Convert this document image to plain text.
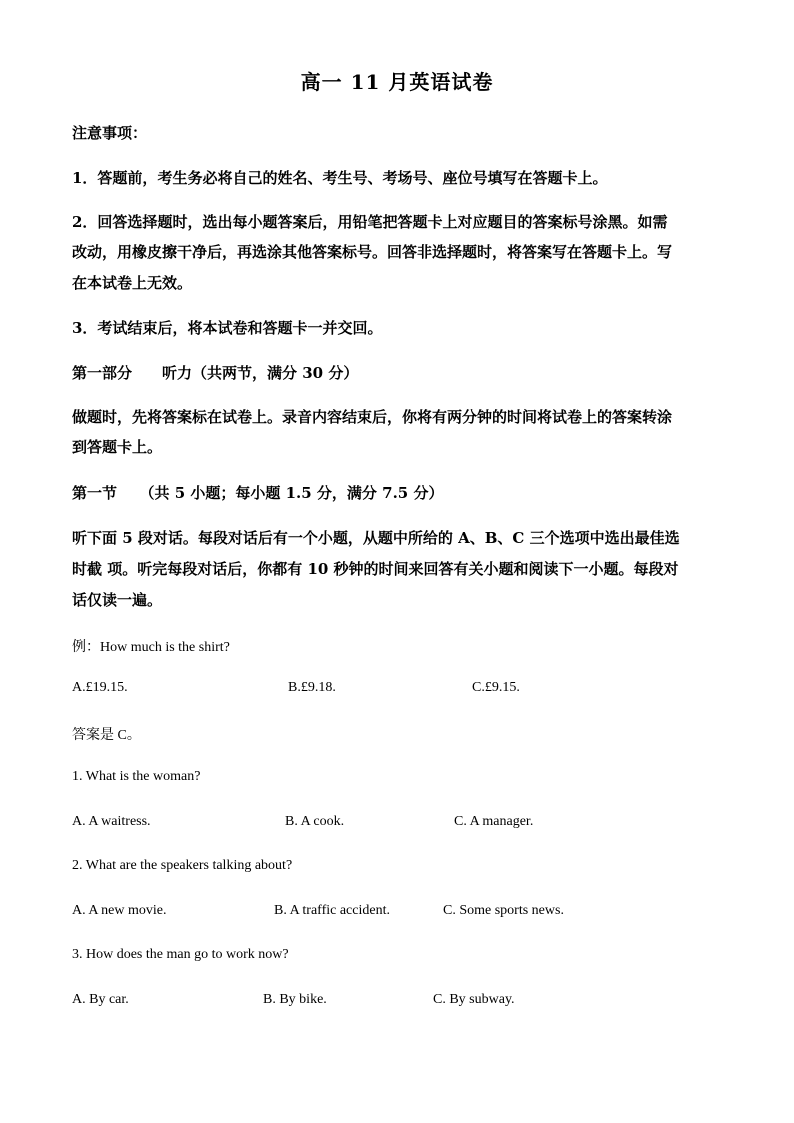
高一 11 月英语试卷
注意事项：
1．答题前，考生务必将自己的姓名、考生号、考场号、座位号填写在答题卡上。
2．回答选择题时，选出每小题答案后，用铅笔把答题卡上对应题目的答案标号涂黑。如需
改动，用橡皮擦干净后，再选涂其他答案标号。回答非选择题时，将答案写在答题卡上。写
在本试卷上无效。
3．考试结束后，将本试卷和答题卡一并交回。
第一部分　　听力（共两节，满分 30 分）
做题时，先将答案标在试卷上。录音内容结束后，你将有两分钟的时间将试卷上的答案转涂
到答题卡上。
第一节　　（共 5 小题；每小题 1.5 分，满分 7.5 分）
听下面 5 段对话。每段对话后有一个小题，从题中所给的 A、B、C 三个选项中选出最佳选
时截 项。听完每段对话后，你都有 10 秒钟的时间来回答有关小题和阅读下一小题。每段对
话仅读一遍。
例：How much is the shirt?
A.£19.15.	B.£9.18.	C.£9.15.
答案是 C。
1. What is the woman?
A. A waitress.	B. A cook.	C. A manager.
2. What are the speakers talking about?
A. A new movie.	B. A traffic accident.	C. Some sports news.
3. How does the man go to work now?
A. By car.	B. By bike.	C. By subway.
